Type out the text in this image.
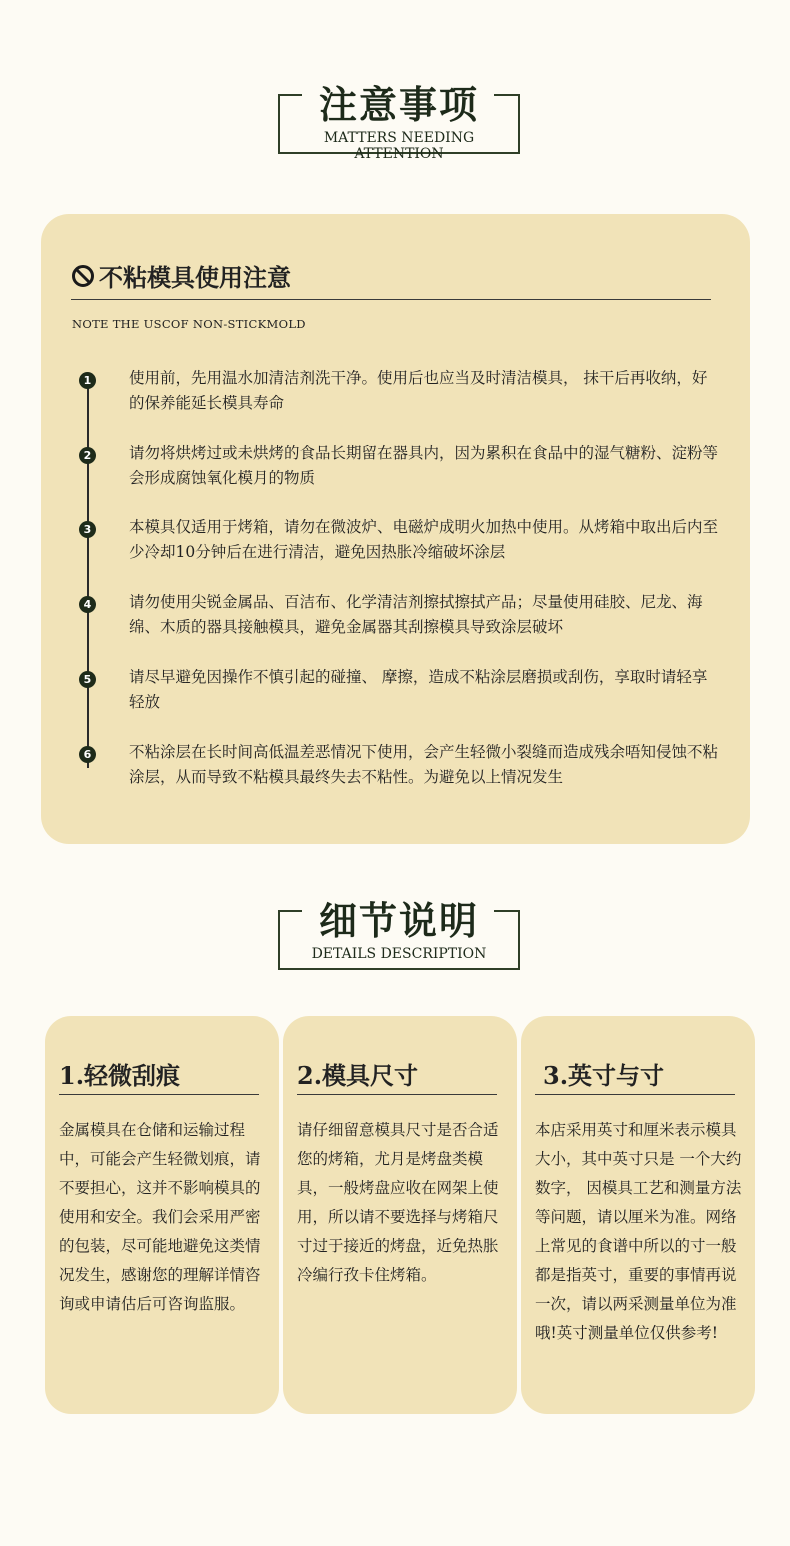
注意事项
MATTERS NEEDING ATTENTION
不粘模具使用注意
NOTE THE USCOF NON-STICKMOLD
1	使用前，先用温水加清洁剂洗干净。使用后也应当及时清洁模具， 抹干后再收纳，好的保养能延长模具寿命
2	请勿将烘烤过或未烘烤的食品长期留在器具内，因为累积在食品中的湿气糖粉、淀粉等会形成腐蚀氧化模月的物质
3	本模具仅适用于烤箱，请勿在微波炉、电磁炉成明火加热中使用。从烤箱中取出后内至少冷却10分钟后在进行清洁，避免因热胀冷缩破坏涂层
4	请勿使用尖锐金属品、百洁布、化学清洁剂擦拭擦拭产品；尽量使用硅胶、尼龙、海绵、木质的器具接触模具，避免金属器其刮擦模具导致涂层破坏
5	请尽早避免因操作不慎引起的碰撞、 摩擦，造成不粘涂层磨损或刮伤，享取时请轻享轻放
6	不粘涂层在长时间高低温差恶情况下使用，会产生轻微小裂缝而造成残余唔知侵蚀不粘涂层，从而导致不粘模具最终失去不粘性。为避免以上情况发生
细节说明
DETAILS DESCRIPTION
1.轻微刮痕
金属模具在仓储和运输过程中，可能会产生轻微划痕，请不要担心，这并不影响模具的使用和安全。我们会采用严密的包装，尽可能地避免这类情况发生，感谢您的理解详情咨询或申请估后可咨询监服。
2.模具尺寸
请仔细留意模具尺寸是否合适您的烤箱，尤月是烤盘类模具，一般烤盘应收在网架上使用，所以请不要选择与烤箱尺寸过于接近的烤盘，近免热胀冷编行孜卡住烤箱。
3.英寸与寸
本店采用英寸和厘米表示模具大小，其中英寸只是 一个大约数字， 因模具工艺和测量方法等问题，请以厘米为准。网络上常见的食谱中所以的寸一般都是指英寸，重要的事情再说一次，请以两采测量单位为准哦!英寸测量单位仅供参考!
